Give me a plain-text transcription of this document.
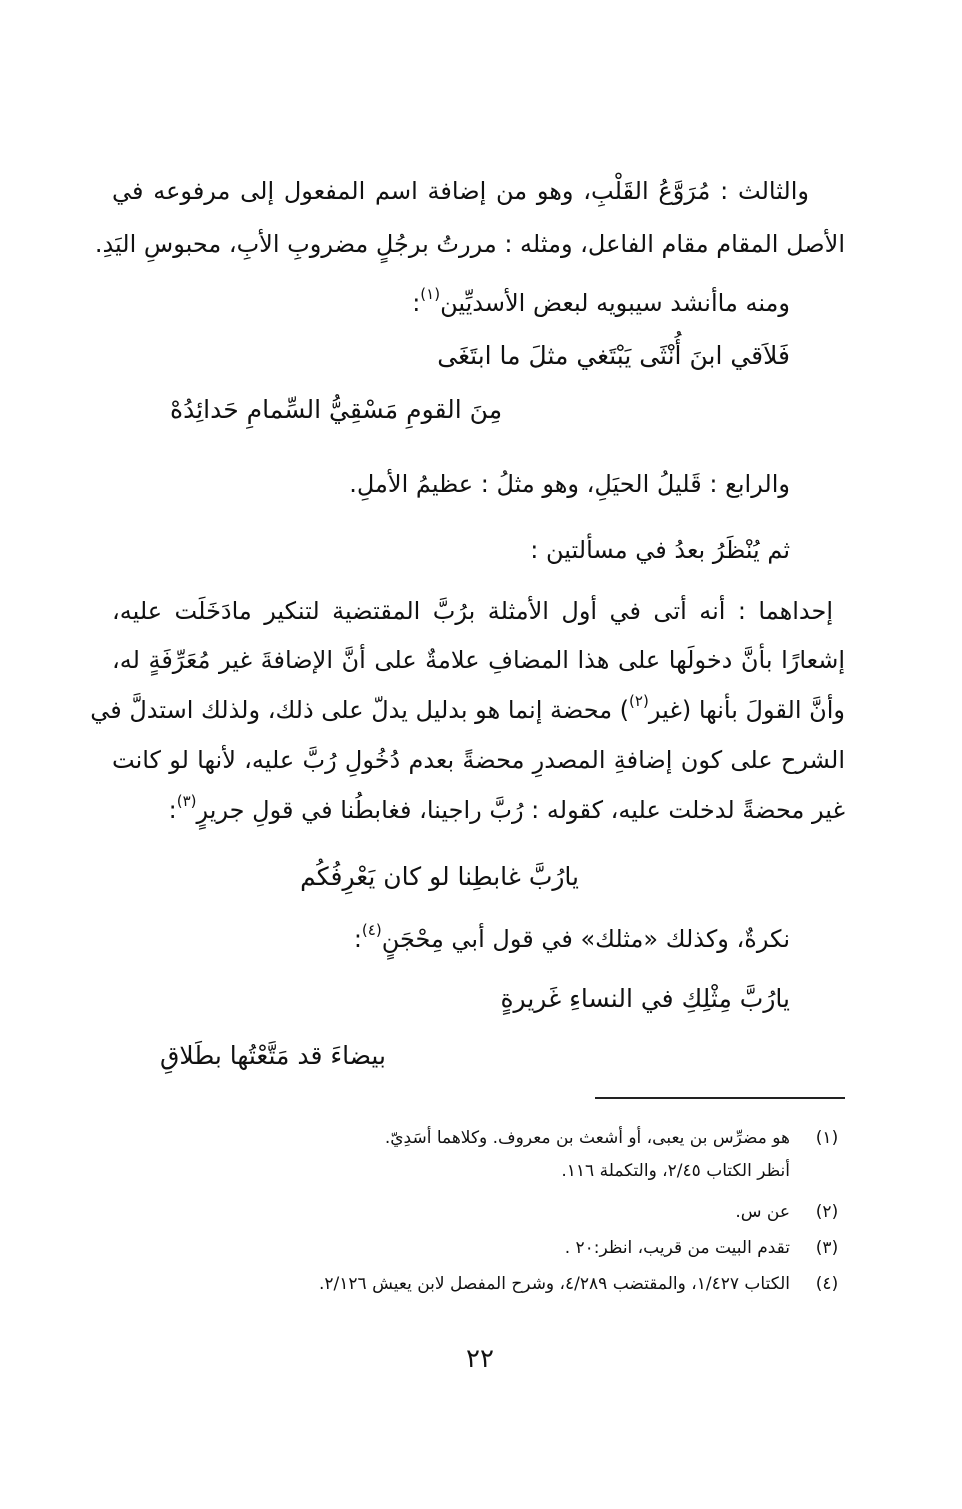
والثالث : مُرَوَّعُ القَلْبِ، وهو من إضافة اسم المفعول إلى مرفوعه في
الأصل المقام مقام الفاعل، ومثله : مررتُ برجُلٍ مضروبِ الأبِ، محبوسِ اليَدِ.
ومنه ماأنشد سيبويه لبعض الأسديِّين$^{(١)}$:
فَلاَقي ابنَ أُنْثَى يَبْتَغي مثلَ ما ابتَغَى
مِنَ القومِ مَسْقِيُّ السِّمامِ حَدائِدُهْ
والرابع : قَليلُ الحيَلِ، وهو مثلُ : عظيمُ الأملِ.
ثم يُنْظَرُ بعدُ في مسألتين :
إحداهما : أنه أتى في أول الأمثلة برُبَّ المقتضية لتنكير مادَخَلَت عليه،
إشعارًا بأنَّ دخولَها على هذا المضافِ علامةٌ على أنَّ الإضافةَ غير مُعَرِّفَةٍ له،
وأنَّ القولَ بأنها (غير$^{(٢)}$) محضة إنما هو بدليل يدلّ على ذلك، ولذلك استدلَّ في
الشرح على كون إضافةِ المصدرِ محضةً بعدم دُخُولِ رُبَّ عليه، لأنها لو كانت
غير محضةً لدخلت عليه، كقوله : رُبَّ راجينا، فغابطُنا في قولِ جريرٍ$^{(٣)}$:
يارُبَّ غابطِنا لو كان يَعْرِفُكُم
نكرةٌ، وكذلك «مثلك» في قول أبي مِحْجَنٍ$^{(٤)}$:
يارُبَّ مِثْلِكِ في النساءِ غَريرةٍ
بيضاءَ قد مَتَّعْتُها بطَلاقِ
(١)
هو مضرِّس بن يعبى، أو أشعث بن معروف. وكلاهما أسَدِيّ.
أنظر الكتاب ٢/٤٥، والتكملة ١١٦.
(٢)
عن س.
(٣)
تقدم البيت من قريب، انظر:٢٠ .
(٤)
الكتاب ١/٤٢٧، والمقتضب ٤/٢٨٩، وشرح المفصل لابن يعيش ٢/١٢٦.
٢٢
